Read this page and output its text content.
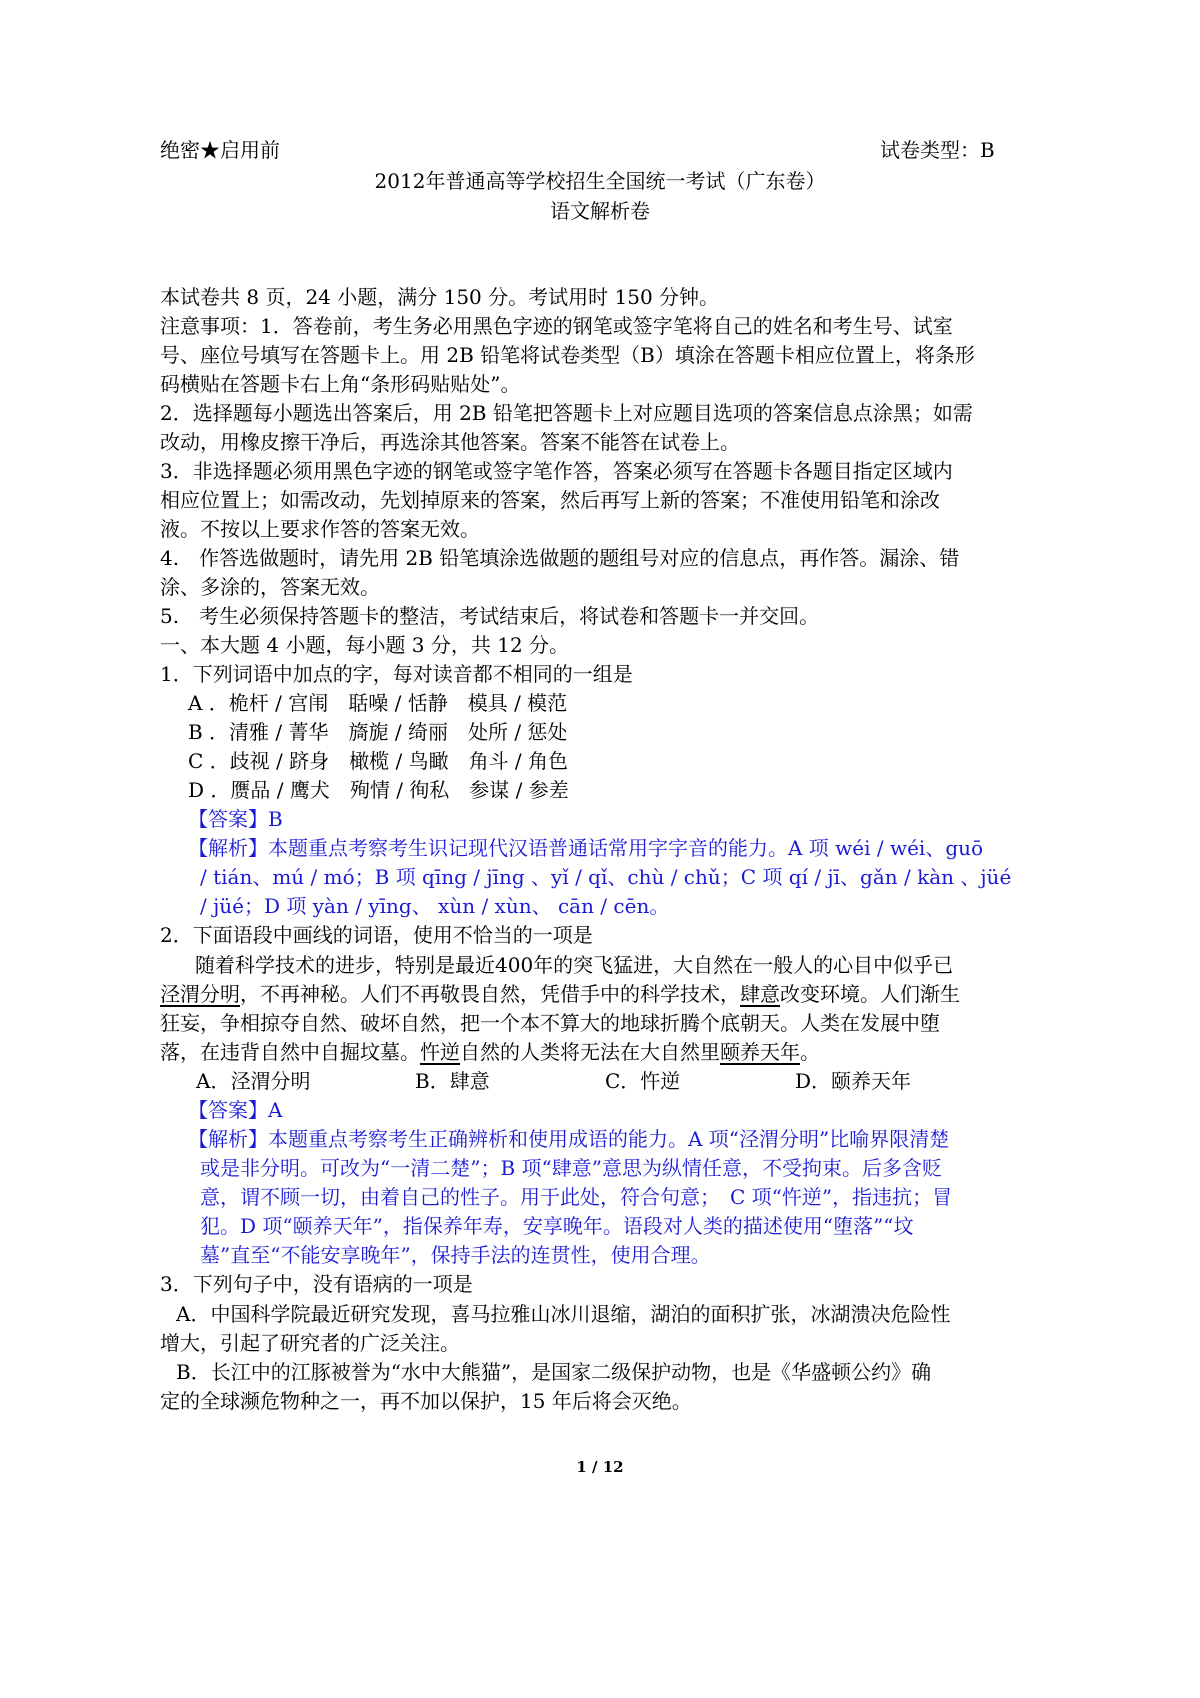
绝密★启用前	试卷类型：B
2012年普通高等学校招生全国统一考试（广东卷）
语文解析卷
本试卷共 8 页，24 小题，满分 150 分。考试用时 150 分钟。
注意事项：1．答卷前，考生务必用黑色字迹的钢笔或签字笔将自己的姓名和考生号、试室
号、座位号填写在答题卡上。用 2B 铅笔将试卷类型（B）填涂在答题卡相应位置上，将条形
码横贴在答题卡右上角“条形码贴贴处”。
2．选择题每小题选出答案后，用 2B 铅笔把答题卡上对应题目选项的答案信息点涂黑；如需
改动，用橡皮擦干净后，再选涂其他答案。答案不能答在试卷上。
3．非选择题必须用黑色字迹的钢笔或签字笔作答，答案必须写在答题卡各题目指定区域内
相应位置上；如需改动，先划掉原来的答案，然后再写上新的答案；不准使用铅笔和涂改
液。不按以上要求作答的答案无效。
4.　作答选做题时，请先用 2B 铅笔填涂选做题的题组号对应的信息点，再作答。漏涂、错
涂、多涂的，答案无效。
5.　考生必须保持答题卡的整洁，考试结束后，将试卷和答题卡一并交回。
一、本大题 4 小题，每小题 3 分，共 12 分。
1．下列词语中加点的字，每对读音都不相同的一组是
A ．桅杆 / 宫闱　聒噪 / 恬静　模具 / 模范
B ．清雅 / 菁华　旖旎 / 绮丽　处所 / 惩处
C ．歧视 / 跻身　橄榄 / 鸟瞰　角斗 / 角色
D ．赝品 / 鹰犬　殉情 / 徇私　参谋 / 参差
【答案】B
【解析】本题重点考察考生识记现代汉语普通话常用字字音的能力。A 项 wéi / wéi、guō
/ tián、mú / mó；B 项 qīng / jīng 、yǐ / qǐ、chù / chǔ；C 项 qí / jī、gǎn / kàn 、jüé
/ jüé；D 项 yàn / yīng、 xùn / xùn、 cān / cēn。
2．下面语段中画线的词语，使用不恰当的一项是
随着科学技术的进步，特别是最近400年的突飞猛进，大自然在一般人的心目中似乎已
泾渭分明，不再神秘。人们不再敬畏自然，凭借手中的科学技术，肆意改变环境。人们渐生
狂妄，争相掠夺自然、破坏自然，把一个本不算大的地球折腾个底朝天。人类在发展中堕
落，在违背自然中自掘坟墓。忤逆自然的人类将无法在大自然里颐养天年。
A．泾渭分明	B．肆意	C．忤逆	D．颐养天年
【答案】A
【解析】本题重点考察考生正确辨析和使用成语的能力。A 项“泾渭分明”比喻界限清楚
或是非分明。可改为“一清二楚”；B 项“肆意”意思为纵情任意，不受拘束。后多含贬
意，谓不顾一切，由着自己的性子。用于此处，符合句意；　C 项“忤逆”，指违抗；冒
犯。D 项“颐养天年”，指保养年寿，安享晚年。语段对人类的描述使用“堕落”“坟
墓”直至“不能安享晚年”，保持手法的连贯性，使用合理。
3．下列句子中，没有语病的一项是
A．中国科学院最近研究发现，喜马拉雅山冰川退缩，湖泊的面积扩张，冰湖溃决危险性
增大，引起了研究者的广泛关注。
B．长江中的江豚被誉为“水中大熊猫”，是国家二级保护动物，也是《华盛顿公约》确
定的全球濒危物种之一，再不加以保护，15 年后将会灭绝。
1 / 12
